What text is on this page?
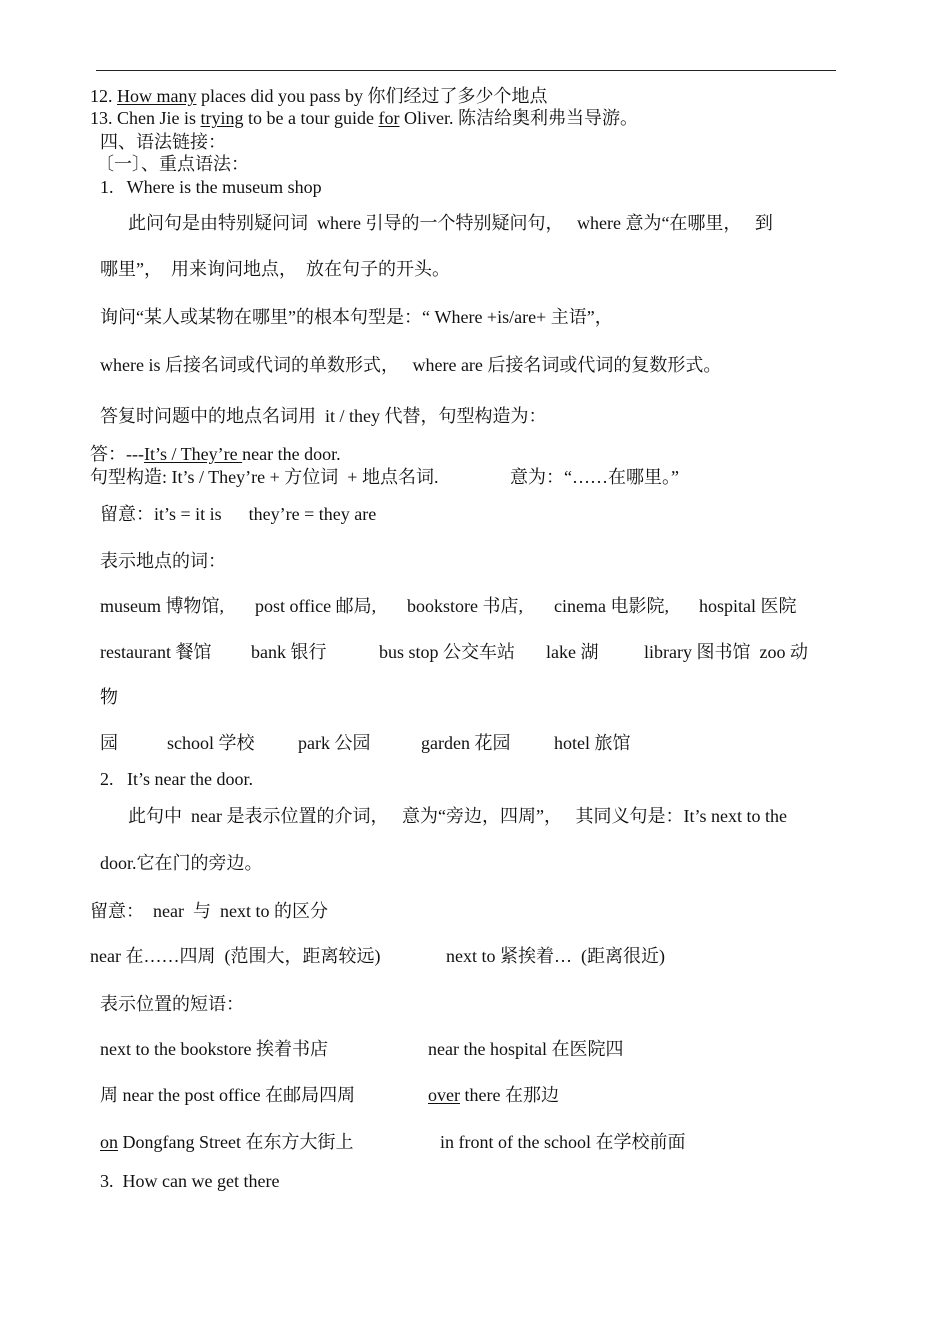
12. How many places did you pass by 你们经过了多少个地点
13. Chen Jie is trying to be a tour guide for Oliver. 陈洁给奥利弗当导游。
四、语法链接：
〔一〕、重点语法：
1.   Where is the museum shop
此问句是由特别疑问词  where 引导的一个特别疑问句，   where 意为“在哪里，   到
哪里”，  用来询问地点，  放在句子的开头。
询问“某人或某物在哪里”的根本句型是：“ Where +is/are+ 主语”，
where is 后接名词或代词的单数形式，   where are 后接名词或代词的复数形式。
答复时问题中的地点名词用  it / they 代替，句型构造为：
答：---It’s / They’re near the door.
句型构造: It’s / They’re + 方位词  + 地点名词.	意为：“……在哪里。”
留意：it’s = it is      they’re = they are
表示地点的词：
museum 博物馆, post office 邮局, bookstore 书店, cinema 电影院, hospital 医院
restaurant 餐馆 bank 银行	bus stop 公交车站 lake 湖	library 图书馆  zoo 动
物
园	school 学校 park 公园	garden 花园 hotel 旅馆
2.   It’s near the door.
此句中  near 是表示位置的介词，   意为“旁边，四周”，   其同义句是：It’s next to the
door.它在门的旁边。
留意：  near  与  next to 的区分
near 在……四周  (范围大，距离较远)	next to 紧挨着…  (距离很近)
表示位置的短语：
next to the bookstore 挨着书店	near the hospital 在医院四
周 near the post office 在邮局四周	over there 在那边
on Dongfang Street 在东方大街上	in front of the school 在学校前面
3.  How can we get there
